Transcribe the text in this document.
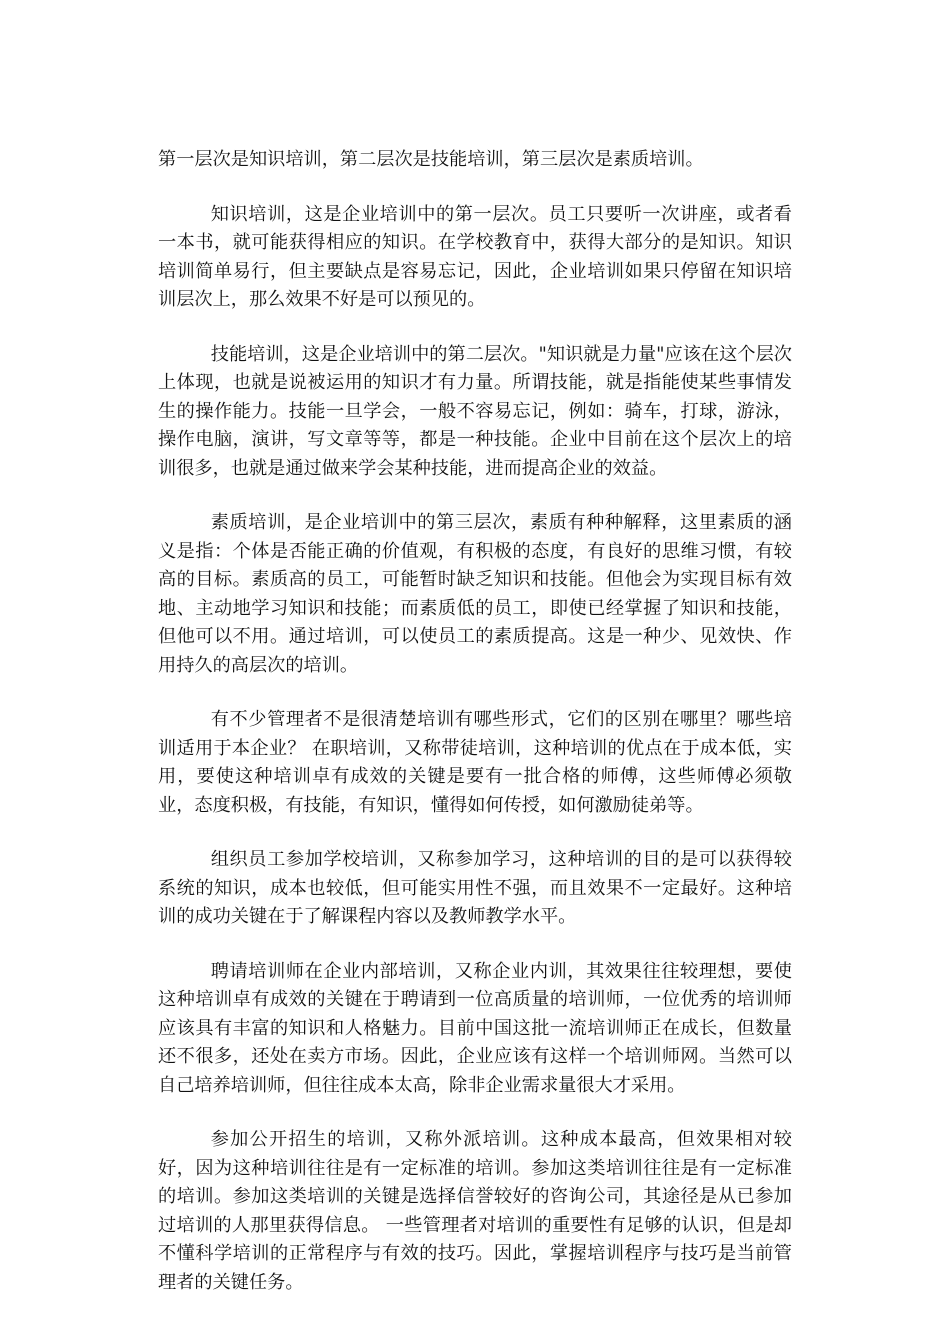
第一层次是知识培训，第二层次是技能培训，第三层次是素质培训。

知识培训，这是企业培训中的第一层次。员工只要听一次讲座，或者看一本书，就可能获得相应的知识。在学校教育中，获得大部分的是知识。知识培训简单易行，但主要缺点是容易忘记，因此，企业培训如果只停留在知识培训层次上，那么效果不好是可以预见的。

技能培训，这是企业培训中的第二层次。"知识就是力量"应该在这个层次上体现，也就是说被运用的知识才有力量。所谓技能，就是指能使某些事情发生的操作能力。技能一旦学会，一般不容易忘记，例如：骑车，打球，游泳，操作电脑，演讲，写文章等等，都是一种技能。企业中目前在这个层次上的培训很多，也就是通过做来学会某种技能，进而提高企业的效益。

素质培训，是企业培训中的第三层次，素质有种种解释，这里素质的涵义是指：个体是否能正确的价值观，有积极的态度，有良好的思维习惯，有较高的目标。素质高的员工，可能暂时缺乏知识和技能。但他会为实现目标有效地、主动地学习知识和技能；而素质低的员工，即使已经掌握了知识和技能，但他可以不用。通过培训，可以使员工的素质提高。这是一种少、见效快、作用持久的高层次的培训。

有不少管理者不是很清楚培训有哪些形式，它们的区别在哪里？哪些培训适用于本企业？ 在职培训，又称带徒培训，这种培训的优点在于成本低，实用，要使这种培训卓有成效的关键是要有一批合格的师傅，这些师傅必须敬业，态度积极，有技能，有知识，懂得如何传授，如何激励徒弟等。

组织员工参加学校培训，又称参加学习，这种培训的目的是可以获得较系统的知识，成本也较低，但可能实用性不强，而且效果不一定最好。这种培训的成功关键在于了解课程内容以及教师教学水平。

聘请培训师在企业内部培训，又称企业内训，其效果往往较理想，要使这种培训卓有成效的关键在于聘请到一位高质量的培训师，一位优秀的培训师应该具有丰富的知识和人格魅力。目前中国这批一流培训师正在成长，但数量还不很多，还处在卖方市场。因此，企业应该有这样一个培训师网。当然可以自己培养培训师，但往往成本太高，除非企业需求量很大才采用。

参加公开招生的培训，又称外派培训。这种成本最高，但效果相对较好，因为这种培训往往是有一定标准的培训。参加这类培训往往是有一定标准的培训。参加这类培训的关键是选择信誉较好的咨询公司，其途径是从已参加过培训的人那里获得信息。 一些管理者对培训的重要性有足够的认识，但是却不懂科学培训的正常程序与有效的技巧。因此，掌握培训程序与技巧是当前管理者的关键任务。
